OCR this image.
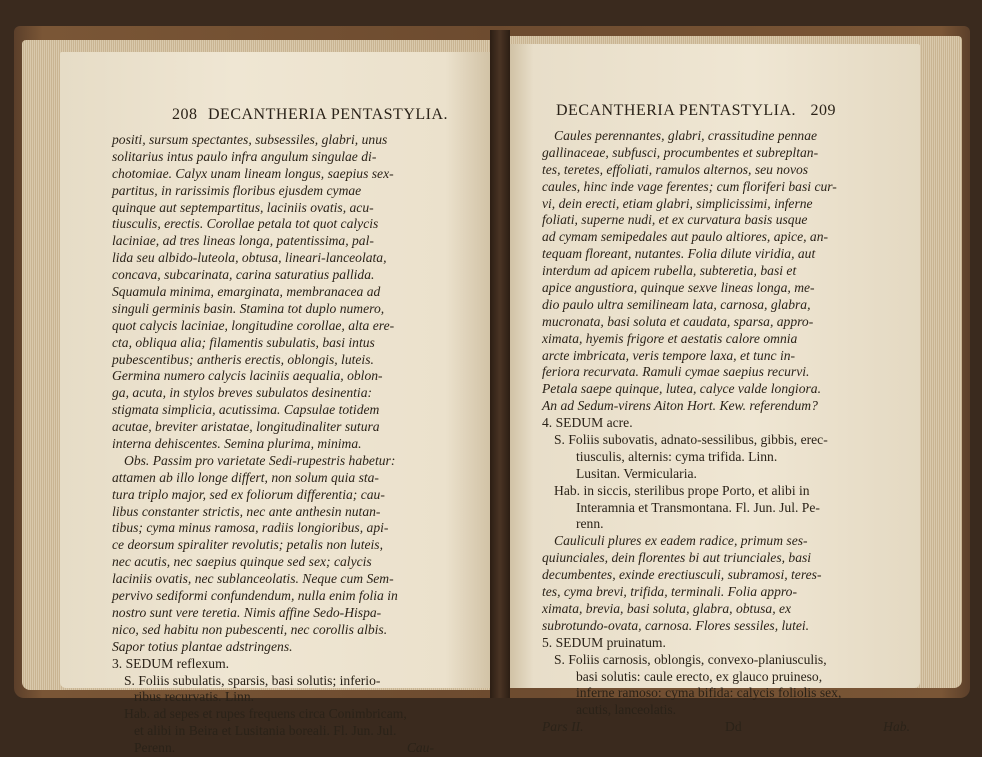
208 DECANTHERIA PENTASTYLIA.
positi, sursum spectantes, subsessiles, glabri, unus
solitarius intus paulo infra angulum singulae di-
chotomiae. Calyx unam lineam longus, saepius sex-
partitus, in rarissimis floribus ejusdem cymae
quinque aut septempartitus, laciniis ovatis, acu-
tiusculis, erectis. Corollae petala tot quot calycis
laciniae, ad tres lineas longa, patentissima, pal-
lida seu albido-luteola, obtusa, lineari-lanceolata,
concava, subcarinata, carina saturatius pallida.
Squamula minima, emarginata, membranacea ad
singuli germinis basin. Stamina tot duplo numero,
quot calycis laciniae, longitudine corollae, alta ere-
cta, obliqua alia; filamentis subulatis, basi intus
pubescentibus; antheris erectis, oblongis, luteis.
Germina numero calycis laciniis aequalia, oblon-
ga, acuta, in stylos breves subulatos desinentia:
stigmata simplicia, acutissima. Capsulae totidem
acutae, breviter aristatae, longitudinaliter sutura
interna dehiscentes. Semina plurima, minima.
Obs. Passim pro varietate Sedi-rupestris habetur:
attamen ab illo longe differt, non solum quia sta-
tura triplo major, sed ex foliorum differentia; cau-
libus constanter strictis, nec ante anthesin nutan-
tibus; cyma minus ramosa, radiis longioribus, api-
ce deorsum spiraliter revolutis; petalis non luteis,
nec acutis, nec saepius quinque sed sex; calycis
laciniis ovatis, nec sublanceolatis. Neque cum Sem-
pervivo sediformi confundendum, nulla enim folia in
nostro sunt vere teretia. Nimis affine Sedo-Hispa-
nico, sed habitu non pubescenti, nec corollis albis.
Sapor totius plantae adstringens.
3. SEDUM reflexum.
S. Foliis subulatis, sparsis, basi solutis; inferio-
ribus recurvatis. Linn.
Hab. ad sepes et rupes frequens circa Conimbricam,
et alibi in Beira et Lusitania boreali. Fl. Jun. Jul.
Perenn.	Cau-
DECANTHERIA PENTASTYLIA. 209
Caules perennantes, glabri, crassitudine pennae
gallinaceae, subfusci, procumbentes et subrepltan-
tes, teretes, effoliati, ramulos alternos, seu novos
caules, hinc inde vage ferentes; cum floriferi basi cur-
vi, dein erecti, etiam glabri, simplicissimi, inferne
foliati, superne nudi, et ex curvatura basis usque
ad cymam semipedales aut paulo altiores, apice, an-
tequam floreant, nutantes. Folia dilute viridia, aut
interdum ad apicem rubella, subteretia, basi et
apice angustiora, quinque sexve lineas longa, me-
dio paulo ultra semilineam lata, carnosa, glabra,
mucronata, basi soluta et caudata, sparsa, appro-
ximata, hyemis frigore et aestatis calore omnia
arcte imbricata, veris tempore laxa, et tunc in-
feriora recurvata. Ramuli cymae saepius recurvi.
Petala saepe quinque, lutea, calyce valde longiora.
An ad Sedum-virens Aiton Hort. Kew. referendum?
4. SEDUM acre.
S. Foliis subovatis, adnato-sessilibus, gibbis, erec-
tiusculis, alternis: cyma trifida. Linn.
Lusitan. Vermicularia.
Hab. in siccis, sterilibus prope Porto, et alibi in
Interamnia et Transmontana. Fl. Jun. Jul. Pe-
renn.
Cauliculi plures ex eadem radice, primum ses-
quiunciales, dein florentes bi aut triunciales, basi
decumbentes, exinde erectiusculi, subramosi, teres-
tes, cyma brevi, trifida, terminali. Folia appro-
ximata, brevia, basi soluta, glabra, obtusa, ex
subrotundo-ovata, carnosa. Flores sessiles, lutei.
5. SEDUM pruinatum.
S. Foliis carnosis, oblongis, convexo-planiusculis,
basi solutis: caule erecto, ex glauco pruineso,
inferne ramoso: cyma bifida: calycis foliolis sex,
acutis, lanceolatis.
Pars II.	Dd	Hab.
